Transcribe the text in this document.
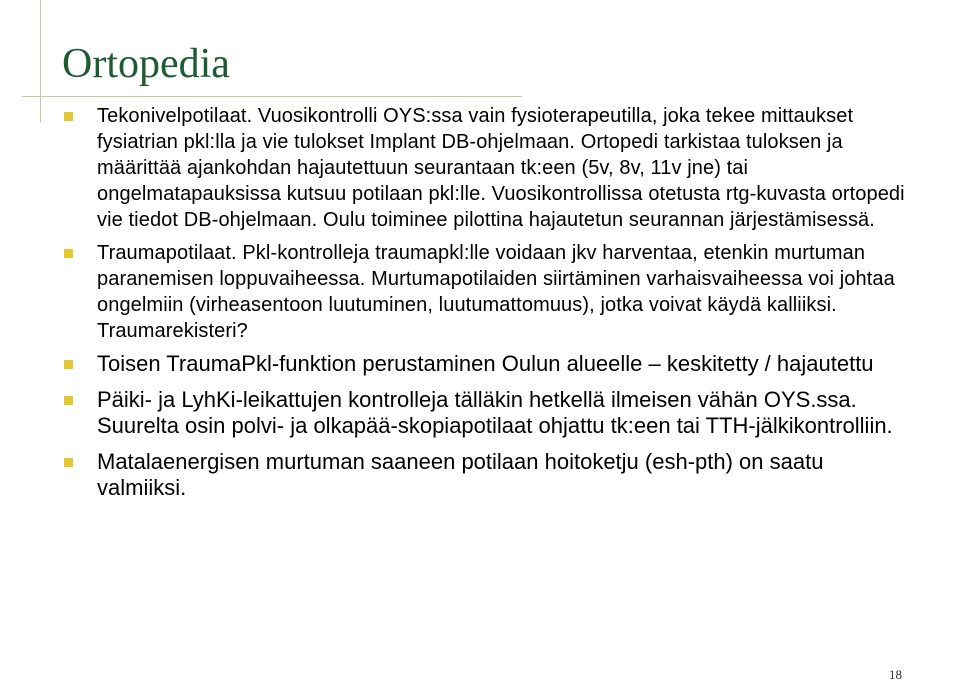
Ortopedia
Tekonivelpotilaat. Vuosikontrolli OYS:ssa vain fysioterapeutilla, joka tekee mittaukset fysiatrian pkl:lla ja vie tulokset Implant DB-ohjelmaan. Ortopedi tarkistaa tuloksen ja määrittää ajankohdan hajautettuun seurantaan tk:een (5v, 8v, 11v jne) tai ongelmatapauksissa kutsuu potilaan pkl:lle. Vuosikontrollissa otetusta rtg-kuvasta ortopedi vie tiedot DB-ohjelmaan. Oulu toiminee pilottina hajautetun seurannan järjestämisessä.
Traumapotilaat. Pkl-kontrolleja traumapkl:lle voidaan jkv harventaa, etenkin murtuman paranemisen loppuvaiheessa. Murtumapotilaiden siirtäminen varhaisvaiheessa voi johtaa ongelmiin (virheasentoon luutuminen, luutumattomuus), jotka voivat käydä kalliiksi. Traumarekisteri?
Toisen TraumaPkl-funktion perustaminen Oulun alueelle – keskitetty / hajautettu
Päiki- ja LyhKi-leikattujen kontrolleja tälläkin hetkellä ilmeisen vähän OYS.ssa. Suurelta osin polvi- ja olkapää-skopiapotilaat ohjattu tk:een tai TTH-jälkikontrolliin.
Matalaenergisen murtuman saaneen potilaan hoitoketju (esh-pth) on saatu valmiiksi.
18
